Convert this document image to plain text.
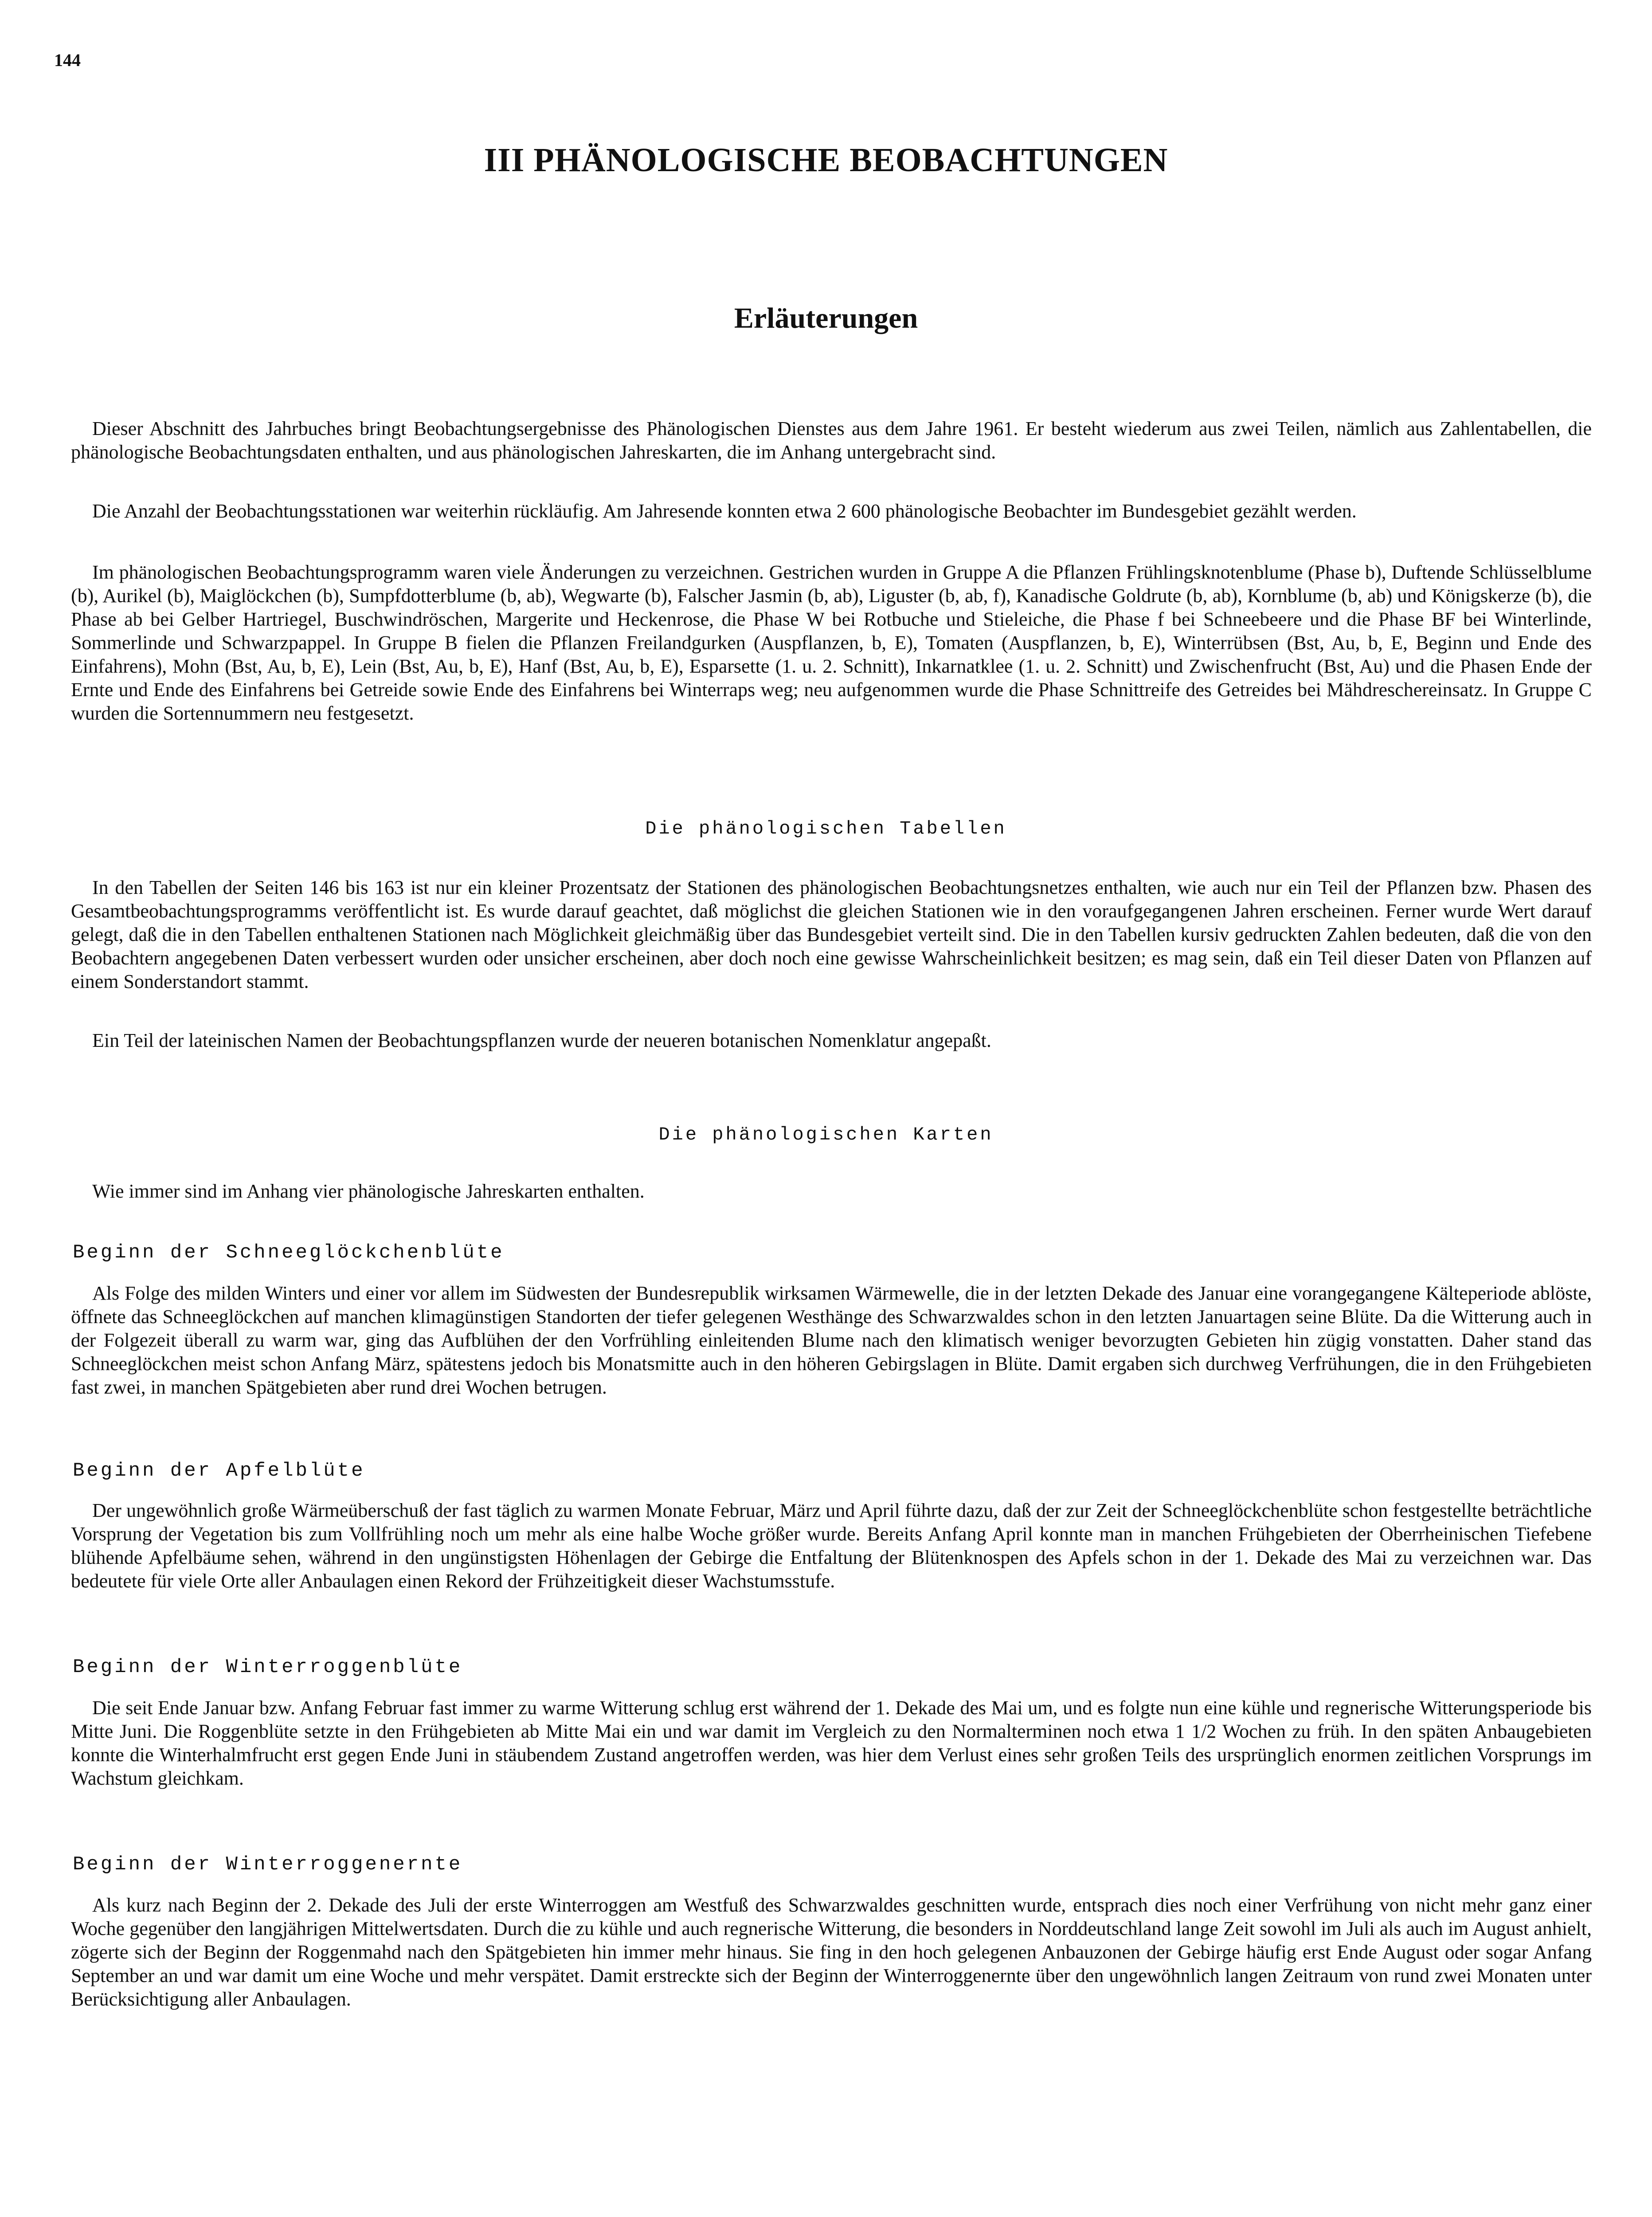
144
III PHÄNOLOGISCHE BEOBACHTUNGEN
Erläuterungen

Dieser Abschnitt des Jahrbuches bringt Beobachtungsergebnisse des Phänologischen Dienstes aus dem Jahre 1961. Er besteht wiederum aus zwei Teilen, nämlich aus Zahlentabellen, die phänologische Beobachtungsdaten enthalten, und aus phänologischen Jahreskarten, die im Anhang untergebracht sind.

Die Anzahl der Beobachtungsstationen war weiterhin rückläufig. Am Jahresende konnten etwa 2 600 phänologische Beobachter im Bundesgebiet gezählt werden.

Im phänologischen Beobachtungsprogramm waren viele Änderungen zu verzeichnen. Gestrichen wurden in Gruppe A die Pflanzen Frühlingsknotenblume (Phase b), Duftende Schlüsselblume (b), Aurikel (b), Maiglöckchen (b), Sumpfdotterblume (b, ab), Wegwarte (b), Falscher Jasmin (b, ab), Liguster (b, ab, f), Kanadische Goldrute (b, ab), Kornblume (b, ab) und Königskerze (b), die Phase ab bei Gelber Hartriegel, Buschwindröschen, Margerite und Heckenrose, die Phase W bei Rotbuche und Stieleiche, die Phase f bei Schneebeere und die Phase BF bei Winterlinde, Sommerlinde und Schwarzpappel. In Gruppe B fielen die Pflanzen Freilandgurken (Auspflanzen, b, E), Tomaten (Auspflanzen, b, E), Winterrübsen (Bst, Au, b, E, Beginn und Ende des Einfahrens), Mohn (Bst, Au, b, E), Lein (Bst, Au, b, E), Hanf (Bst, Au, b, E), Esparsette (1. u. 2. Schnitt), Inkarnatklee (1. u. 2. Schnitt) und Zwischenfrucht (Bst, Au) und die Phasen Ende der Ernte und Ende des Einfahrens bei Getreide sowie Ende des Einfahrens bei Winterraps weg; neu aufgenommen wurde die Phase Schnittreife des Getreides bei Mähdreschereinsatz. In Gruppe C wurden die Sortennummern neu festgesetzt.

Die phänologischen Tabellen

In den Tabellen der Seiten 146 bis 163 ist nur ein kleiner Prozentsatz der Stationen des phänologischen Beobachtungsnetzes enthalten, wie auch nur ein Teil der Pflanzen bzw. Phasen des Gesamtbeobachtungsprogramms veröffentlicht ist. Es wurde darauf geachtet, daß möglichst die gleichen Stationen wie in den voraufgegangenen Jahren erscheinen. Ferner wurde Wert darauf gelegt, daß die in den Tabellen enthaltenen Stationen nach Möglichkeit gleichmäßig über das Bundesgebiet verteilt sind. Die in den Tabellen kursiv gedruckten Zahlen bedeuten, daß die von den Beobachtern angegebenen Daten verbessert wurden oder unsicher erscheinen, aber doch noch eine gewisse Wahrscheinlichkeit besitzen; es mag sein, daß ein Teil dieser Daten von Pflanzen auf einem Sonderstandort stammt.

Ein Teil der lateinischen Namen der Beobachtungspflanzen wurde der neueren botanischen Nomenklatur angepaßt.

Die phänologischen Karten

Wie immer sind im Anhang vier phänologische Jahreskarten enthalten.

Beginn der Schneeglöckchenblüte

Als Folge des milden Winters und einer vor allem im Südwesten der Bundesrepublik wirksamen Wärmewelle, die in der letzten Dekade des Januar eine vorangegangene Kälteperiode ablöste, öffnete das Schneeglöckchen auf manchen klimagünstigen Standorten der tiefer gelegenen Westhänge des Schwarzwaldes schon in den letzten Januartagen seine Blüte. Da die Witterung auch in der Folgezeit überall zu warm war, ging das Aufblühen der den Vorfrühling einleitenden Blume nach den klimatisch weniger bevorzugten Gebieten hin zügig vonstatten. Daher stand das Schneeglöckchen meist schon Anfang März, spätestens jedoch bis Monatsmitte auch in den höheren Gebirgslagen in Blüte. Damit ergaben sich durchweg Verfrühungen, die in den Frühgebieten fast zwei, in manchen Spätgebieten aber rund drei Wochen betrugen.

Beginn der Apfelblüte

Der ungewöhnlich große Wärmeüberschuß der fast täglich zu warmen Monate Februar, März und April führte dazu, daß der zur Zeit der Schneeglöckchenblüte schon festgestellte beträchtliche Vorsprung der Vegetation bis zum Vollfrühling noch um mehr als eine halbe Woche größer wurde. Bereits Anfang April konnte man in manchen Frühgebieten der Oberrheinischen Tiefebene blühende Apfelbäume sehen, während in den ungünstigsten Höhenlagen der Gebirge die Entfaltung der Blütenknospen des Apfels schon in der 1. Dekade des Mai zu verzeichnen war. Das bedeutete für viele Orte aller Anbaulagen einen Rekord der Frühzeitigkeit dieser Wachstumsstufe.

Beginn der Winterroggenblüte

Die seit Ende Januar bzw. Anfang Februar fast immer zu warme Witterung schlug erst während der 1. Dekade des Mai um, und es folgte nun eine kühle und regnerische Witterungsperiode bis Mitte Juni. Die Roggenblüte setzte in den Frühgebieten ab Mitte Mai ein und war damit im Vergleich zu den Normalterminen noch etwa 1 1/2 Wochen zu früh. In den späten Anbaugebieten konnte die Winterhalmfrucht erst gegen Ende Juni in stäubendem Zustand angetroffen werden, was hier dem Verlust eines sehr großen Teils des ursprünglich enormen zeitlichen Vorsprungs im Wachstum gleichkam.

Beginn der Winterroggenernte

Als kurz nach Beginn der 2. Dekade des Juli der erste Winterroggen am Westfuß des Schwarzwaldes geschnitten wurde, entsprach dies noch einer Verfrühung von nicht mehr ganz einer Woche gegenüber den langjährigen Mittelwertsdaten. Durch die zu kühle und auch regnerische Witterung, die besonders in Norddeutschland lange Zeit sowohl im Juli als auch im August anhielt, zögerte sich der Beginn der Roggenmahd nach den Spätgebieten hin immer mehr hinaus. Sie fing in den hoch gelegenen Anbauzonen der Gebirge häufig erst Ende August oder sogar Anfang September an und war damit um eine Woche und mehr verspätet. Damit erstreckte sich der Beginn der Winterroggenernte über den ungewöhnlich langen Zeitraum von rund zwei Monaten unter Berücksichtigung aller Anbaulagen.
